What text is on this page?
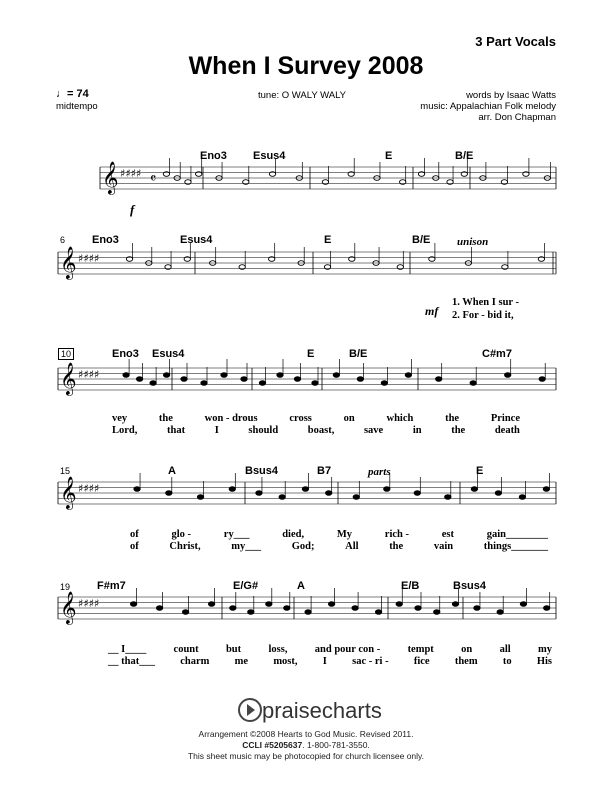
𝄞 ♯♯♯♯ 𝄴
𝄞 ♯♯♯♯
𝄞 ♯♯♯♯
𝄞 ♯♯♯♯
𝄞 ♯♯♯♯
3 Part Vocals
When I Survey 2008
♩= 74
midtempo
tune: O WALY WALY	words by Isaac Watts
music: Appalachian Folk melody
arr. Don Chapman
Eno3 Esus4	E	B/E
f
6 Eno3	Esus4	E	B/E unison
mf
1. When I sur -
2. For - bid it,
10	Eno3 Esus4	E	B/E	C#m7
15	A	Bsus4	B7	parts	E
19 F#m7	E/G#	A	E/B	Bsus4
vey	the	won - drous	cross	on	which	the	Prince
Lord,	that	I	should	boast,	save	in	the	death
of	glo -	ry___	died,	My	rich -	est	gain________
of	Christ,	my___	God;	All	the	vain	things_______
__ I____	count	but	loss,	and pour con -	tempt	on	all	my
__ that___ charm me most, I sac - ri - fice them to His
praisecharts
Arrangement ©2008 Hearts to God Music. Revised 2011.
CCLI #5205637. 1-800-781-3550.
This sheet music may be photocopied for church licensee only.
